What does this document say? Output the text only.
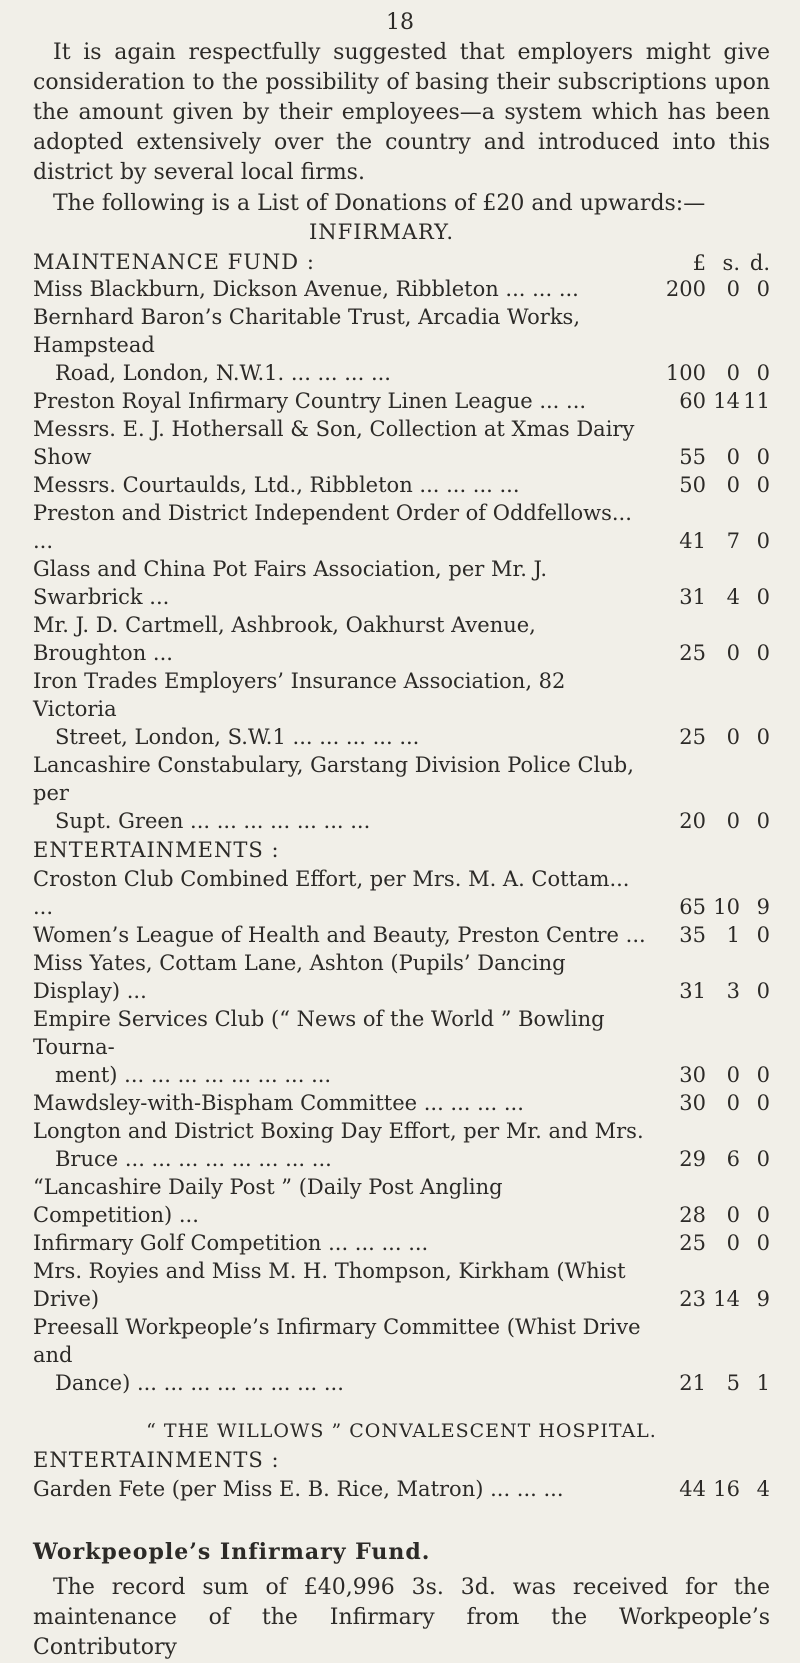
18

It is again respectfully suggested that employers might give consideration to the possibility of basing their subscriptions upon the amount given by their employees—a system which has been adopted extensively over the country and introduced into this district by several local firms.

The following is a List of Donations of £20 and upwards:—

INFIRMARY.
MAINTENANCE FUND :	£ s. d.
Miss Blackburn, Dickson Avenue, Ribbleton ... ... ...	200 0 0
Bernhard Baron’s Charitable Trust, Arcadia Works, Hampstead
Road, London, N.W.1. ... ... ... ...	100 0 0
Preston Royal Infirmary Country Linen League ... ...	60 14 11
Messrs. E. J. Hothersall & Son, Collection at Xmas Dairy Show	55 0 0
Messrs. Courtaulds, Ltd., Ribbleton ... ... ... ...	50 0 0
Preston and District Independent Order of Oddfellows... ...	41 7 0
Glass and China Pot Fairs Association, per Mr. J. Swarbrick ...	31 4 0
Mr. J. D. Cartmell, Ashbrook, Oakhurst Avenue, Broughton ...	25 0 0
Iron Trades Employers’ Insurance Association, 82 Victoria
Street, London, S.W.1 ... ... ... ... ...	25 0 0
Lancashire Constabulary, Garstang Division Police Club, per
Supt. Green ... ... ... ... ... ... ...	20 0 0
ENTERTAINMENTS :
Croston Club Combined Effort, per Mrs. M. A. Cottam... ...	65 10 9
Women’s League of Health and Beauty, Preston Centre ...	35 1 0
Miss Yates, Cottam Lane, Ashton (Pupils’ Dancing Display) ...	31 3 0
Empire Services Club (“ News of the World ” Bowling Tourna-
ment) ... ... ... ... ... ... ... ...	30 0 0
Mawdsley-with-Bispham Committee ... ... ... ...	30 0 0
Longton and District Boxing Day Effort, per Mr. and Mrs.
Bruce ... ... ... ... ... ... ... ...	29 6 0
“Lancashire Daily Post ” (Daily Post Angling Competition) ...	28 0 0
Infirmary Golf Competition ... ... ... ...	25 0 0
Mrs. Royies and Miss M. H. Thompson, Kirkham (Whist Drive)	23 14 9
Preesall Workpeople’s Infirmary Committee (Whist Drive and
Dance) ... ... ... ... ... ... ... ...	21 5 1
“ THE WILLOWS ” CONVALESCENT HOSPITAL.
ENTERTAINMENTS :
Garden Fete (per Miss E. B. Rice, Matron) ... ... ...	44 16 4
Workpeople’s Infirmary Fund.

The record sum of £40,996 3s. 3d. was received for the maintenance of the Infirmary from the Workpeople’s Contributory
